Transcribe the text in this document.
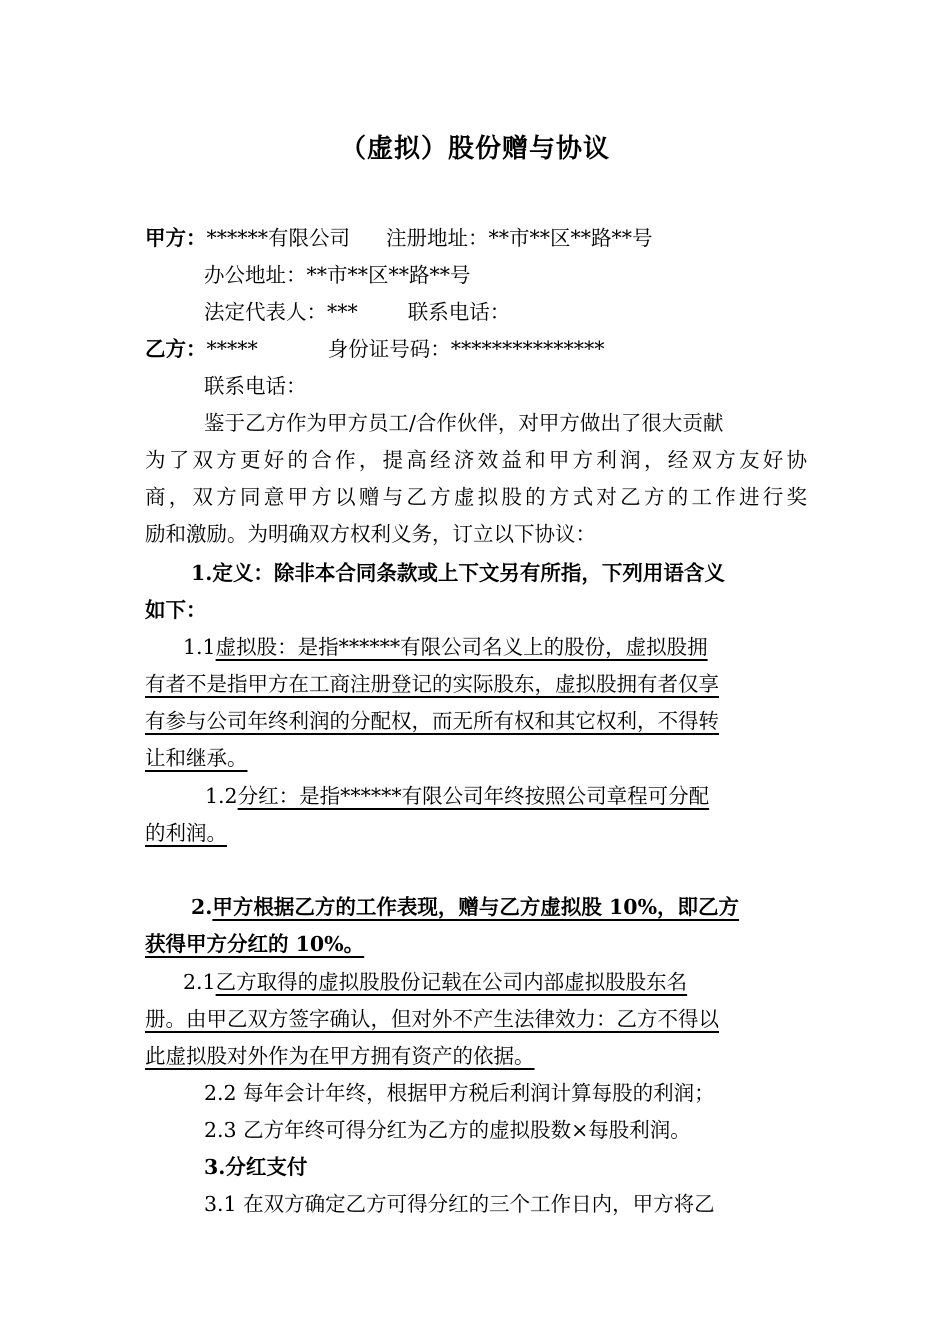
（虚拟）股份赠与协议
甲方：******有限公司 注册地址：**市**区**路**号
办公地址：**市**区**路**号
法定代表人：*** 联系电话：
乙方：*****	身份证号码：***************
联系电话：
鉴于乙方作为甲方员工/合作伙伴，对甲方做出了很大贡献
为了双方更好的合作，提高经济效益和甲方利润，经双方友好协
商，双方同意甲方以赠与乙方虚拟股的方式对乙方的工作进行奖
励和激励。为明确双方权利义务，订立以下协议：
1.定义：除非本合同条款或上下文另有所指，下列用语含义
如下：
1.1虚拟股：是指******有限公司名义上的股份，虚拟股拥
有者不是指甲方在工商注册登记的实际股东，虚拟股拥有者仅享
有参与公司年终利润的分配权，而无所有权和其它权利，不得转
让和继承。
1.2分红：是指******有限公司年终按照公司章程可分配
的利润。
2.甲方根据乙方的工作表现，赠与乙方虚拟股 10%，即乙方
获得甲方分红的 10%。
2.1乙方取得的虚拟股股份记载在公司内部虚拟股股东名
册。由甲乙双方签字确认，但对外不产生法律效力：乙方不得以
此虚拟股对外作为在甲方拥有资产的依据。
2.2 每年会计年终，根据甲方税后利润计算每股的利润；
2.3 乙方年终可得分红为乙方的虚拟股数×每股利润。
3.分红支付
3.1 在双方确定乙方可得分红的三个工作日内，甲方将乙
